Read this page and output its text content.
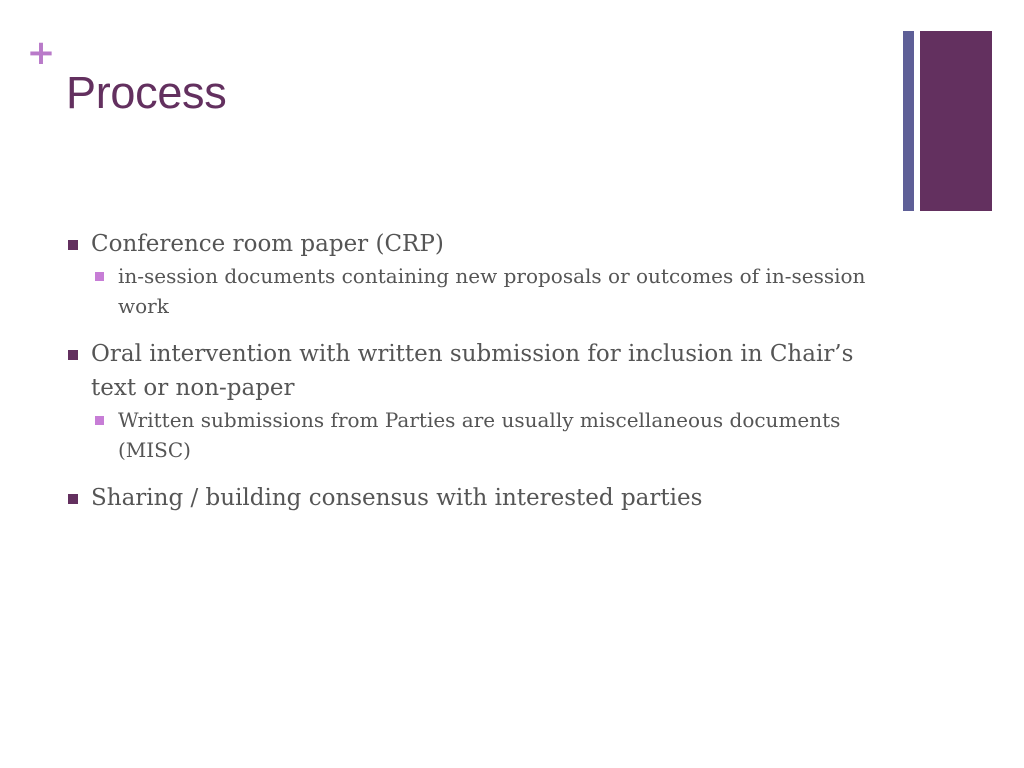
+
Process
Conference room paper (CRP)
in-session documents containing new proposals or outcomes of in-session work
Oral intervention with written submission for inclusion in Chair’s text or non-paper
Written submissions from Parties are usually miscellaneous documents (MISC)
Sharing / building consensus with interested parties
